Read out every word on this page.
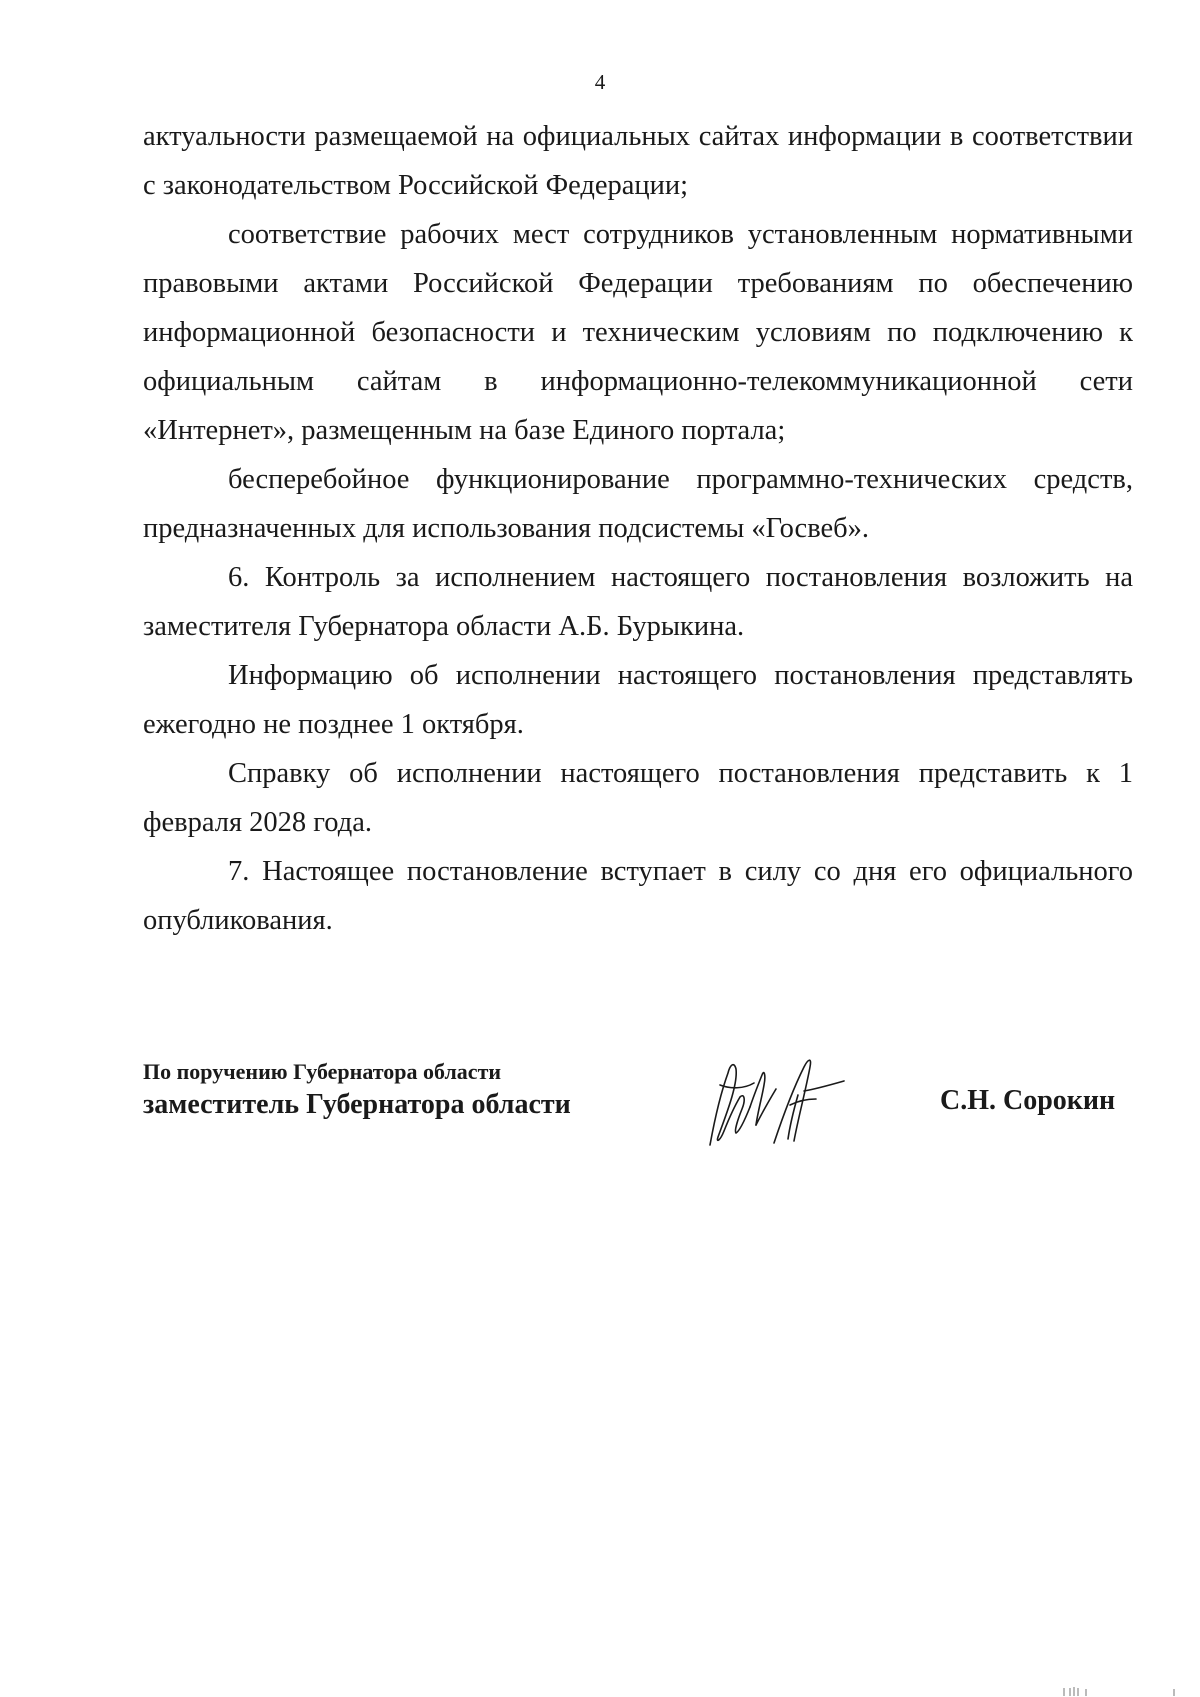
4

актуальности размещаемой на официальных сайтах информации в соответствии с законодательством Российской Федерации;

соответствие рабочих мест сотрудников установленным нормативными правовыми актами Российской Федерации требованиям по обеспечению информационной безопасности и техническим условиям по подключению к официальным сайтам в информационно-телекоммуникационной сети «Интернет», размещенным на базе Единого портала;

бесперебойное функционирование программно-технических средств, предназначенных для использования подсистемы «Госвеб».

6. Контроль за исполнением настоящего постановления возложить на заместителя Губернатора области А.Б. Бурыкина.

Информацию об исполнении настоящего постановления представлять ежегодно не позднее 1 октября.

Справку об исполнении настоящего постановления представить к 1 февраля 2028 года.

7. Настоящее постановление вступает в силу со дня его официального опубликования.

По поручению Губернатора области
заместитель Губернатора области	С.Н. Сорокин
